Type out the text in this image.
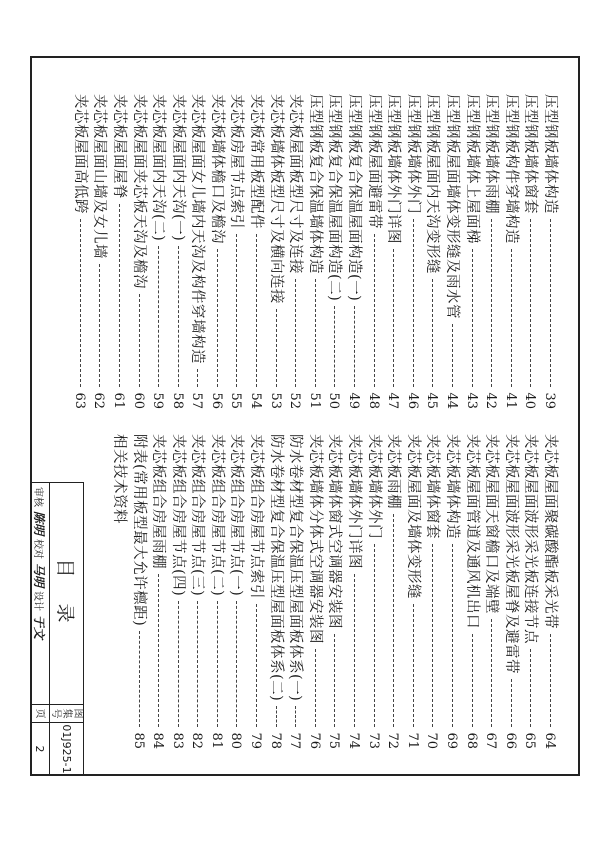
压型钢板墙体构造
39
压型钢板墙体窗套
40
压型钢板构件穿墙构造
41
压型钢板墙体雨棚
42
压型钢板墙体上屋面梯
43
压型钢板屋面墙体变形缝及雨水管
44
压型钢板屋面内天沟变形缝
45
压型钢板墙体外门
46
压型钢板墙体外门详图
47
压型钢板屋面避雷带
48
压型钢板复合保温屋面构造(一)
49
压型钢板复合保温屋面构造(二)
50
压型钢板复合保温墙体构造
51
夹芯板屋面板型尺寸及连接
52
夹芯板墙体板型尺寸及横向连接
53
夹芯板常用板型配件
54
夹芯板房屋节点索引
55
夹芯板墙体檐口及檐沟
56
夹芯板屋面女儿墙内天沟及构件穿墙构造
57
夹芯板屋面内天沟(一)
58
夹芯板屋面内天沟(二)
59
夹芯板屋面夹芯板天沟及檐沟
60
夹芯板屋面屋脊
61
夹芯板屋面山墙及女儿墙
62
夹芯板屋面高低跨
63
夹芯板屋面聚碳酸酯板采光带
64
夹芯板屋面波形采光板连接节点
65
夹芯板屋面波形采光板屋脊及避雷带
66
夹芯板屋面天窗檐口及端壁
67
夹芯板屋面管道及通风机出口
68
夹芯板墙体构造
69
夹芯板墙体窗套
70
夹芯板屋面及墙体变形缝
71
夹芯板雨棚
72
夹芯板墙体外门
73
夹芯板墙体外门详图
74
夹芯板墙体窗式空调器安装图
75
夹芯板墙体分体式空调器安装图
76
防水卷材型复合保温压型屋面板体系(一)
77
防水卷材型复合保温压型屋面板体系(二)
78
夹芯板组合房屋节点索引
79
夹芯板组合房屋节点(一)
80
夹芯板组合房屋节点(二)
81
夹芯板组合房屋节点(三)
82
夹芯板组合房屋节点(四)
83
夹芯板组合房屋雨棚
84
附表(常用板型最大允许檩距)
85
相关技术资料
目录
审核
陈明
校对
马明
设计
于文
图集号
01J925-1
页
2
